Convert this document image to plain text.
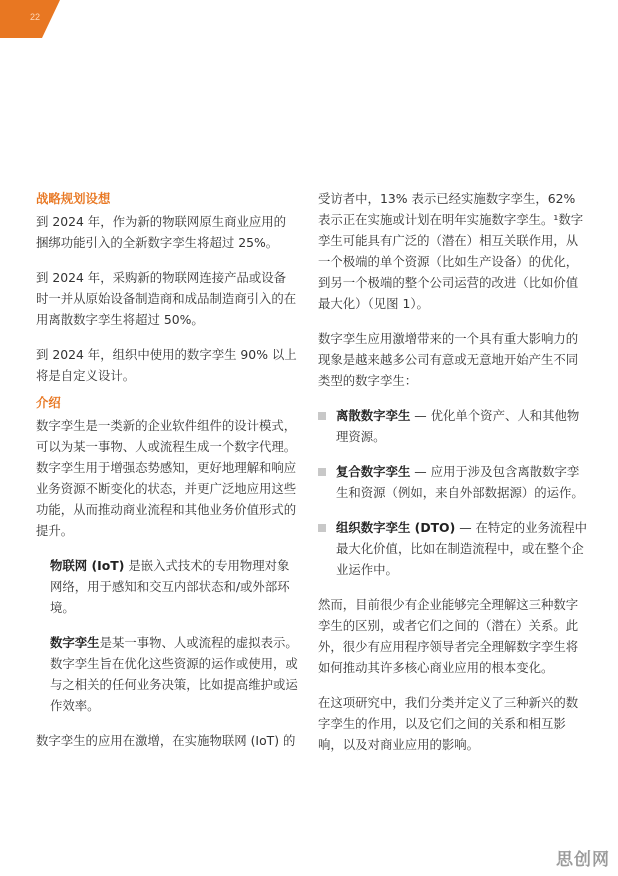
22
战略规划设想

到 2024 年，作为新的物联网原生商业应用的捆绑功能引入的全新数字孪生将超过 25%。

到 2024 年，采购新的物联网连接产品或设备时一并从原始设备制造商和成品制造商引入的在用离散数字孪生将超过 50%。

到 2024 年，组织中使用的数字孪生 90% 以上将是自定义设计。

介绍

数字孪生是一类新的企业软件组件的设计模式，可以为某一事物、人或流程生成一个数字代理。数字孪生用于增强态势感知，更好地理解和响应业务资源不断变化的状态，并更广泛地应用这些功能，从而推动商业流程和其他业务价值形式的提升。

物联网 (IoT) 是嵌入式技术的专用物理对象网络，用于感知和交互内部状态和/或外部环境。

数字孪生是某一事物、人或流程的虚拟表示。数字孪生旨在优化这些资源的运作或使用，或与之相关的任何业务决策，比如提高维护或运作效率。

数字孪生的应用在激增，在实施物联网 (IoT) 的

受访者中，13% 表示已经实施数字孪生，62% 表示正在实施或计划在明年实施数字孪生。¹数字孪生可能具有广泛的（潜在）相互关联作用，从一个极端的单个资源（比如生产设备）的优化，到另一个极端的整个公司运营的改进（比如价值最大化）（见图 1）。

数字孪生应用激增带来的一个具有重大影响力的现象是越来越多公司有意或无意地开始产生不同类型的数字孪生：

离散数字孪生 — 优化单个资产、人和其他物理资源。
复合数字孪生 — 应用于涉及包含离散数字孪生和资源（例如，来自外部数据源）的运作。
组织数字孪生 (DTO) — 在特定的业务流程中最大化价值，比如在制造流程中，或在整个企业运作中。

然而，目前很少有企业能够完全理解这三种数字孪生的区别，或者它们之间的（潜在）关系。此外，很少有应用程序领导者完全理解数字孪生将如何推动其许多核心商业应用的根本变化。

在这项研究中，我们分类并定义了三种新兴的数字孪生的作用，以及它们之间的关系和相互影响，以及对商业应用的影响。

思创网
